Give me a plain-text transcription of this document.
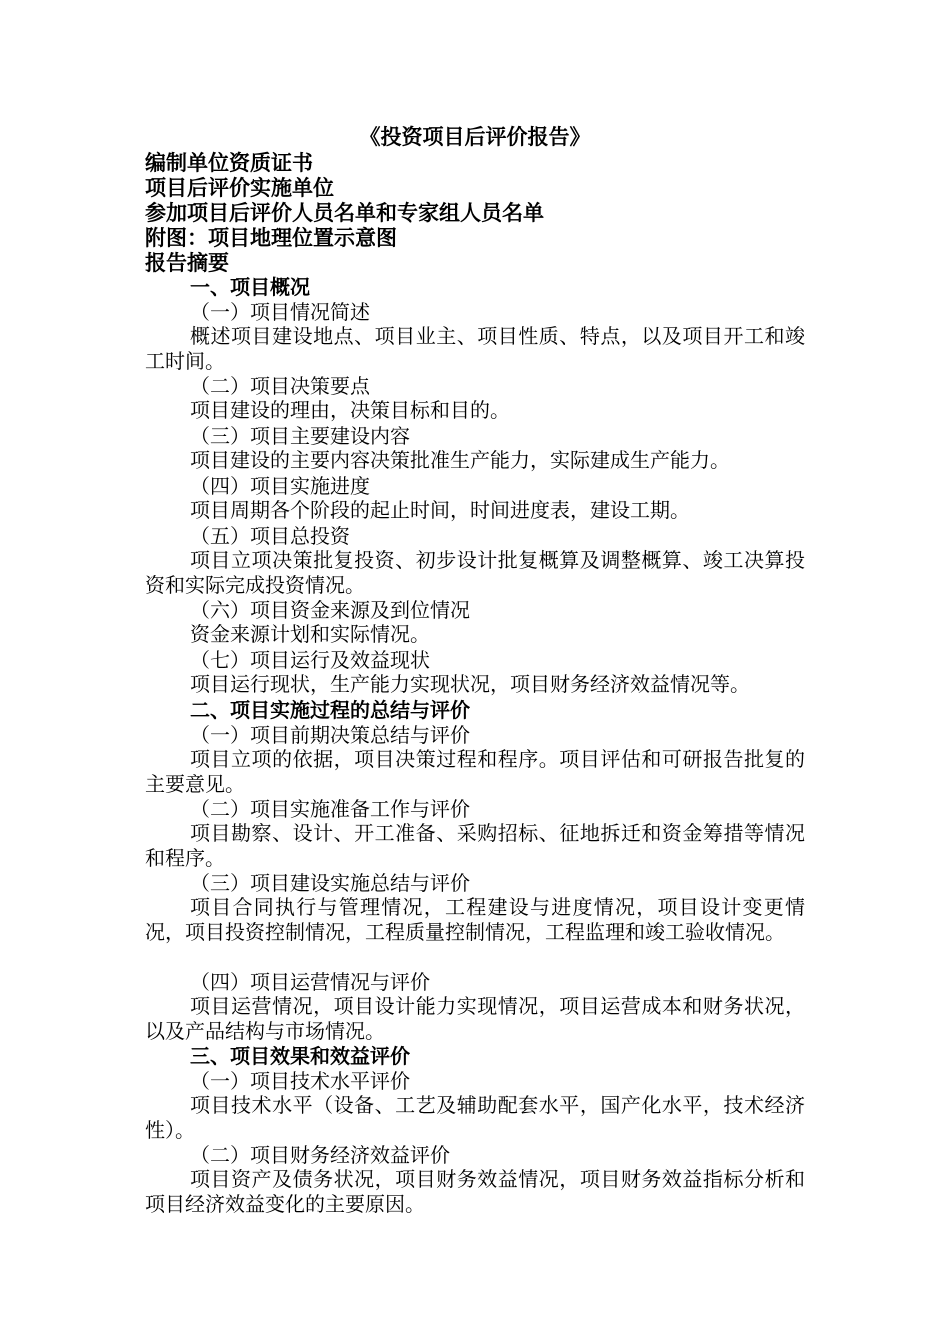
《投资项目后评价报告》
编制单位资质证书
项目后评价实施单位
参加项目后评价人员名单和专家组人员名单
附图：项目地理位置示意图
报告摘要
一、项目概况
（一）项目情况简述
概述项目建设地点、项目业主、项目性质、特点，以及项目开工和竣工时间。
（二）项目决策要点
项目建设的理由，决策目标和目的。
（三）项目主要建设内容
项目建设的主要内容决策批准生产能力，实际建成生产能力。
（四）项目实施进度
项目周期各个阶段的起止时间，时间进度表，建设工期。
（五）项目总投资
项目立项决策批复投资、初步设计批复概算及调整概算、竣工决算投资和实际完成投资情况。
（六）项目资金来源及到位情况
资金来源计划和实际情况。
（七）项目运行及效益现状
项目运行现状，生产能力实现状况，项目财务经济效益情况等。
二、项目实施过程的总结与评价
（一）项目前期决策总结与评价
项目立项的依据，项目决策过程和程序。项目评估和可研报告批复的主要意见。
（二）项目实施准备工作与评价
项目勘察、设计、开工准备、采购招标、征地拆迁和资金筹措等情况和程序。
（三）项目建设实施总结与评价
项目合同执行与管理情况，工程建设与进度情况，项目设计变更情况，项目投资控制情况，工程质量控制情况，工程监理和竣工验收情况。
（四）项目运营情况与评价
项目运营情况，项目设计能力实现情况，项目运营成本和财务状况，以及产品结构与市场情况。
三、项目效果和效益评价
（一）项目技术水平评价
项目技术水平（设备、工艺及辅助配套水平，国产化水平，技术经济性）。
（二）项目财务经济效益评价
项目资产及债务状况，项目财务效益情况，项目财务效益指标分析和项目经济效益变化的主要原因。
